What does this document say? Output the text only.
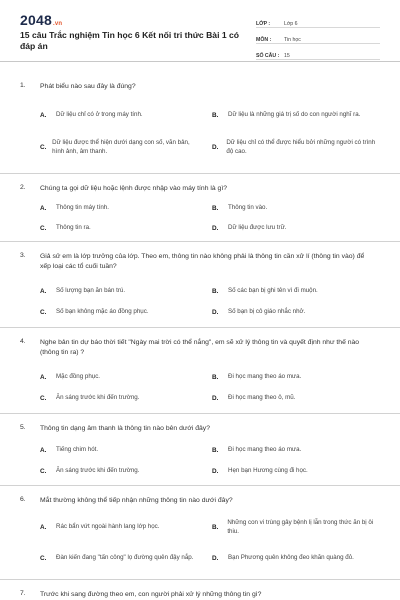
2048.vn
15 câu Trắc nghiệm Tin học 6 Kết nối tri thức Bài 1 có đáp án
LỚP :	Lớp 6
MÔN :	Tin học
SỐ CÂU : 15
1. Phát biểu nào sau đây là đúng?
A.	Dữ liệu chỉ có ở trong máy tính.	B.	Dữ liệu là những giá trị số do con người nghĩ ra.
C.
Dữ liệu được thể hiện dưới dạng con số, văn bản, hình ảnh, âm thanh.
D.
Dữ liệu chỉ có thể được hiểu bởi những người có trình độ cao.
2. Chúng ta gọi dữ liệu hoặc lệnh được nhập vào máy tính là gì?
A.	Thông tin máy tính.	B.	Thông tin vào.
C.	Thông tin ra.	D.	Dữ liệu được lưu trữ.
3. Giả sử em là lớp trưởng của lớp. Theo em, thông tin nào không phải là thông tin cần xử lí (thông tin vào) để xếp loại các tổ cuối tuần?
A.	Số lượng bạn ăn bán trú.	B.	Số các bạn bị ghi tên vì đi muộn.
C.	Số bạn không mặc áo đồng phục.	D.	Số bạn bị cô giáo nhắc nhở.
4. Nghe bản tin dự báo thời tiết "Ngày mai trời có thể nắng", em sẽ xử lý thông tin và quyết định như thế nào (thông tin ra) ?
A.	Mặc đồng phục.	B.	Đi học mang theo áo mưa.
C.	Ăn sáng trước khi đến trường.	D.	Đi học mang theo ô, mũ.
5. Thông tin dạng âm thanh là thông tin nào bên dưới đây?
A.	Tiếng chim hót.	B.	Đi học mang theo áo mưa.
C.	Ăn sáng trước khi đến trường.	D.	Hẹn bạn Hương cùng đi học.
6. Mắt thường không thể tiếp nhận những thông tin nào dưới đây?
A.	Rác bẩn vứt ngoài hành lang lớp học.	B.
Những con vi trùng gây bệnh lị lẫn trong thức ăn bị ôi thiu.
C.	Đàn kiến đang "tấn công" lọ đường quên đậy nắp.	D.	Bạn Phương quên không đeo khăn quàng đỏ.
7. Trước khi sang đường theo em, con người phải xử lý những thông tin gì?
